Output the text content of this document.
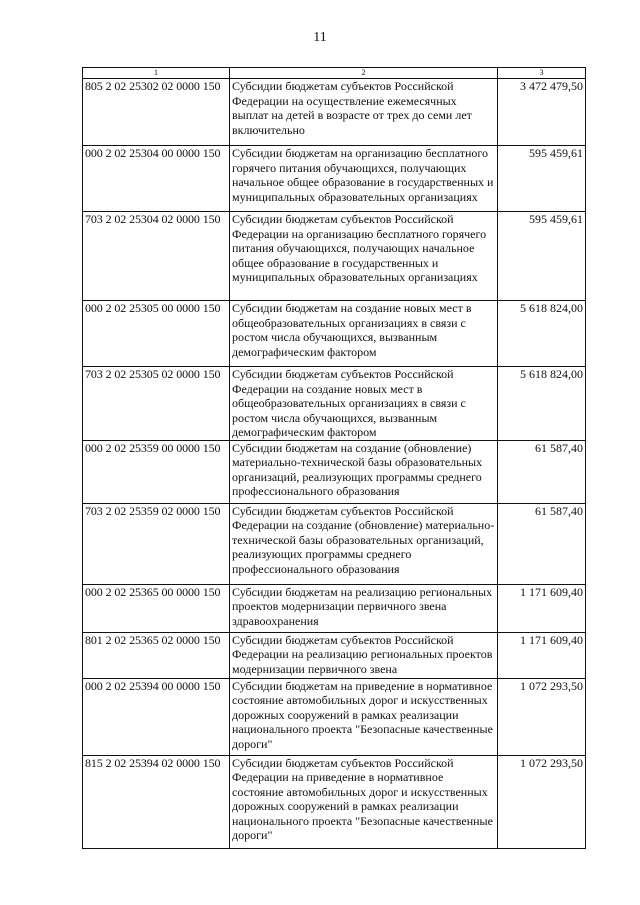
11
1	2	3
805 2 02 25302 02 0000 150	Субсидии бюджетам субъектов Российской Федерации на осуществление ежемесячных выплат на детей в возрасте от трех до семи лет включительно	3 472 479,50
000 2 02 25304 00 0000 150	Субсидии бюджетам на организацию бесплатного горячего питания обучающихся, получающих начальное общее образование в государственных и муниципальных образовательных организациях	595 459,61
703 2 02 25304 02 0000 150	Субсидии бюджетам субъектов Российской Федерации на организацию бесплатного горячего питания обучающихся, получающих начальное общее образование в государственных и муниципальных образовательных организациях	595 459,61
000 2 02 25305 00 0000 150	Субсидии бюджетам на создание новых мест в общеобразовательных организациях в связи с ростом числа обучающихся, вызванным демографическим фактором	5 618 824,00
703 2 02 25305 02 0000 150	Субсидии бюджетам субъектов Российской Федерации на создание новых мест в общеобразовательных организациях в связи с ростом числа обучающихся, вызванным демографическим фактором	5 618 824,00
000 2 02 25359 00 0000 150	Субсидии бюджетам на создание (обновление) материально-технической базы образовательных организаций, реализующих программы среднего профессионального образования	61 587,40
703 2 02 25359 02 0000 150	Субсидии бюджетам субъектов Российской Федерации на создание (обновление) материально-технической базы образовательных организаций, реализующих программы среднего профессионального образования	61 587,40
000 2 02 25365 00 0000 150	Субсидии бюджетам на реализацию региональных проектов модернизации первичного звена здравоохранения	1 171 609,40
801 2 02 25365 02 0000 150	Субсидии бюджетам субъектов Российской Федерации на реализацию региональных проектов модернизации первичного звена	1 171 609,40
000 2 02 25394 00 0000 150	Субсидии бюджетам на приведение в нормативное состояние автомобильных дорог и искусственных дорожных сооружений в рамках реализации национального проекта "Безопасные качественные дороги"	1 072 293,50
815 2 02 25394 02 0000 150	Субсидии бюджетам субъектов Российской Федерации на приведение в нормативное состояние автомобильных дорог и искусственных дорожных сооружений в рамках реализации национального проекта "Безопасные качественные дороги"	1 072 293,50
